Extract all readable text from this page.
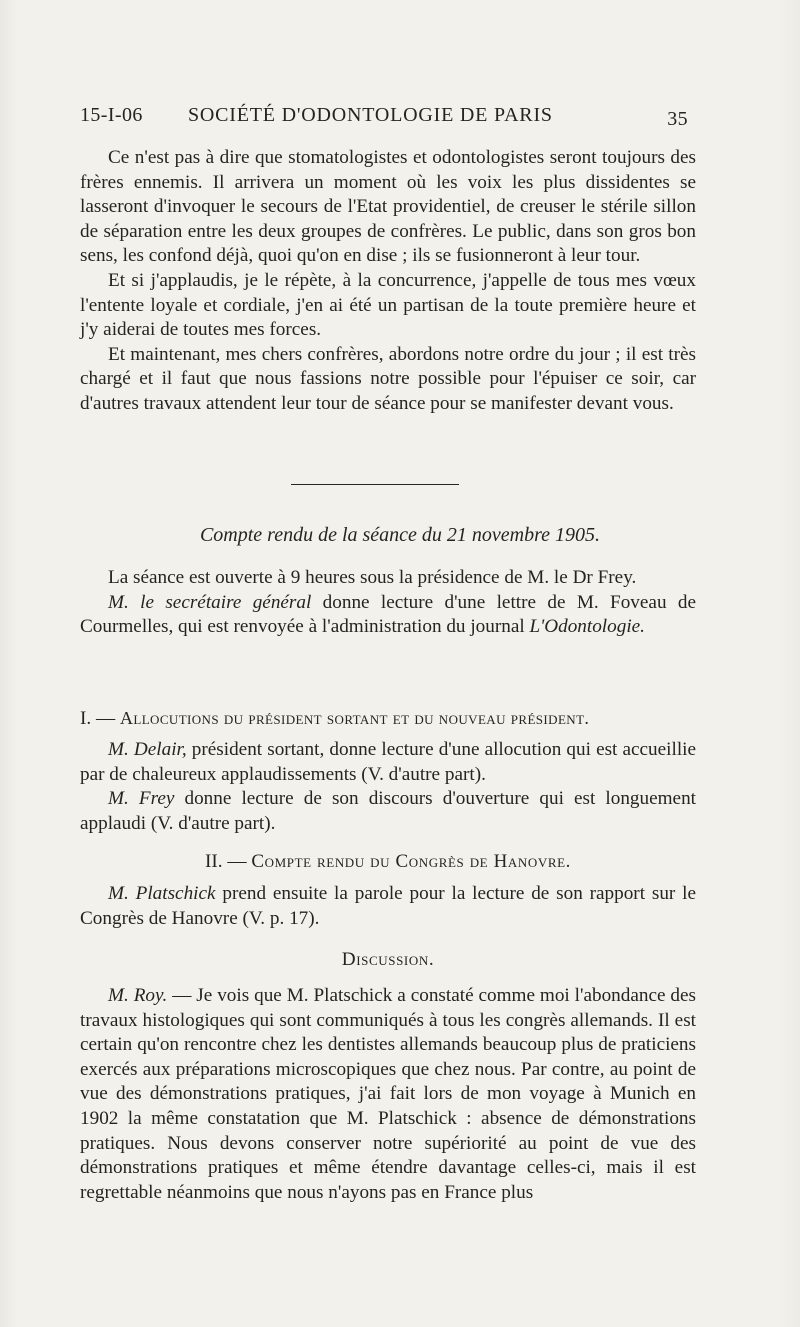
15-I-06 SOCIÉTÉ D'ODONTOLOGIE DE PARIS	35

Ce n'est pas à dire que stomatologistes et odontologistes seront toujours des frères ennemis. Il arrivera un moment où les voix les plus dissidentes se lasseront d'invoquer le secours de l'Etat providentiel, de creuser le stérile sillon de séparation entre les deux groupes de confrères. Le public, dans son gros bon sens, les confond déjà, quoi qu'on en dise ; ils se fusionneront à leur tour.

Et si j'applaudis, je le répète, à la concurrence, j'appelle de tous mes vœux l'entente loyale et cordiale, j'en ai été un partisan de la toute première heure et j'y aiderai de toutes mes forces.

Et maintenant, mes chers confrères, abordons notre ordre du jour ; il est très chargé et il faut que nous fassions notre possible pour l'épuiser ce soir, car d'autres travaux attendent leur tour de séance pour se manifester devant vous.

Compte rendu de la séance du 21 novembre 1905.

La séance est ouverte à 9 heures sous la présidence de M. le Dr Frey.

M. le secrétaire général donne lecture d'une lettre de M. Foveau de Courmelles, qui est renvoyée à l'administration du journal L'Odontologie.

I. — Allocutions du président sortant et du nouveau président.

M. Delair, président sortant, donne lecture d'une allocution qui est accueillie par de chaleureux applaudissements (V. d'autre part).

M. Frey donne lecture de son discours d'ouverture qui est longuement applaudi (V. d'autre part).

II. — Compte rendu du Congrès de Hanovre.

M. Platschick prend ensuite la parole pour la lecture de son rapport sur le Congrès de Hanovre (V. p. 17).

Discussion.

M. Roy. — Je vois que M. Platschick a constaté comme moi l'abondance des travaux histologiques qui sont communiqués à tous les congrès allemands. Il est certain qu'on rencontre chez les dentistes allemands beaucoup plus de praticiens exercés aux préparations microscopiques que chez nous. Par contre, au point de vue des démonstrations pratiques, j'ai fait lors de mon voyage à Munich en 1902 la même constatation que M. Platschick : absence de démonstrations pratiques. Nous devons conserver notre supériorité au point de vue des démonstrations pratiques et même étendre davantage celles-ci, mais il est regrettable néanmoins que nous n'ayons pas en France plus
